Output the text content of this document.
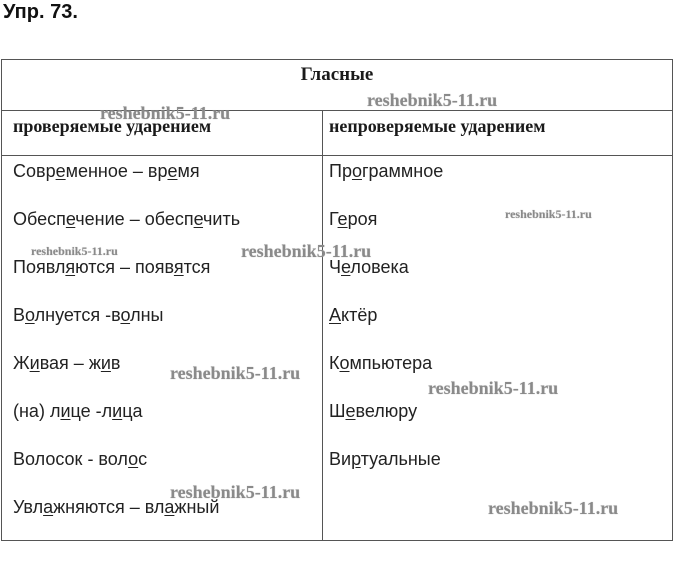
Упр. 73.
Гласные
проверяемые ударением	непроверяемые ударением
Современное – время
Обеспечение – обеспечить
Появляются – появятся
Волнуется -волны
Живая – жив
(на) лице -лица
Волосок - волос
Увлажняются – влажный
Программное
Героя
Человека
Актёр
Компьютера
Шевелюру
Виртуальные
reshebnik5-11.ru
reshebnik5-11.ru
reshebnik5-11.ru
reshebnik5-11.ru	reshebnik5-11.ru
reshebnik5-11.ru
reshebnik5-11.ru
reshebnik5-11.ru
reshebnik5-11.ru
